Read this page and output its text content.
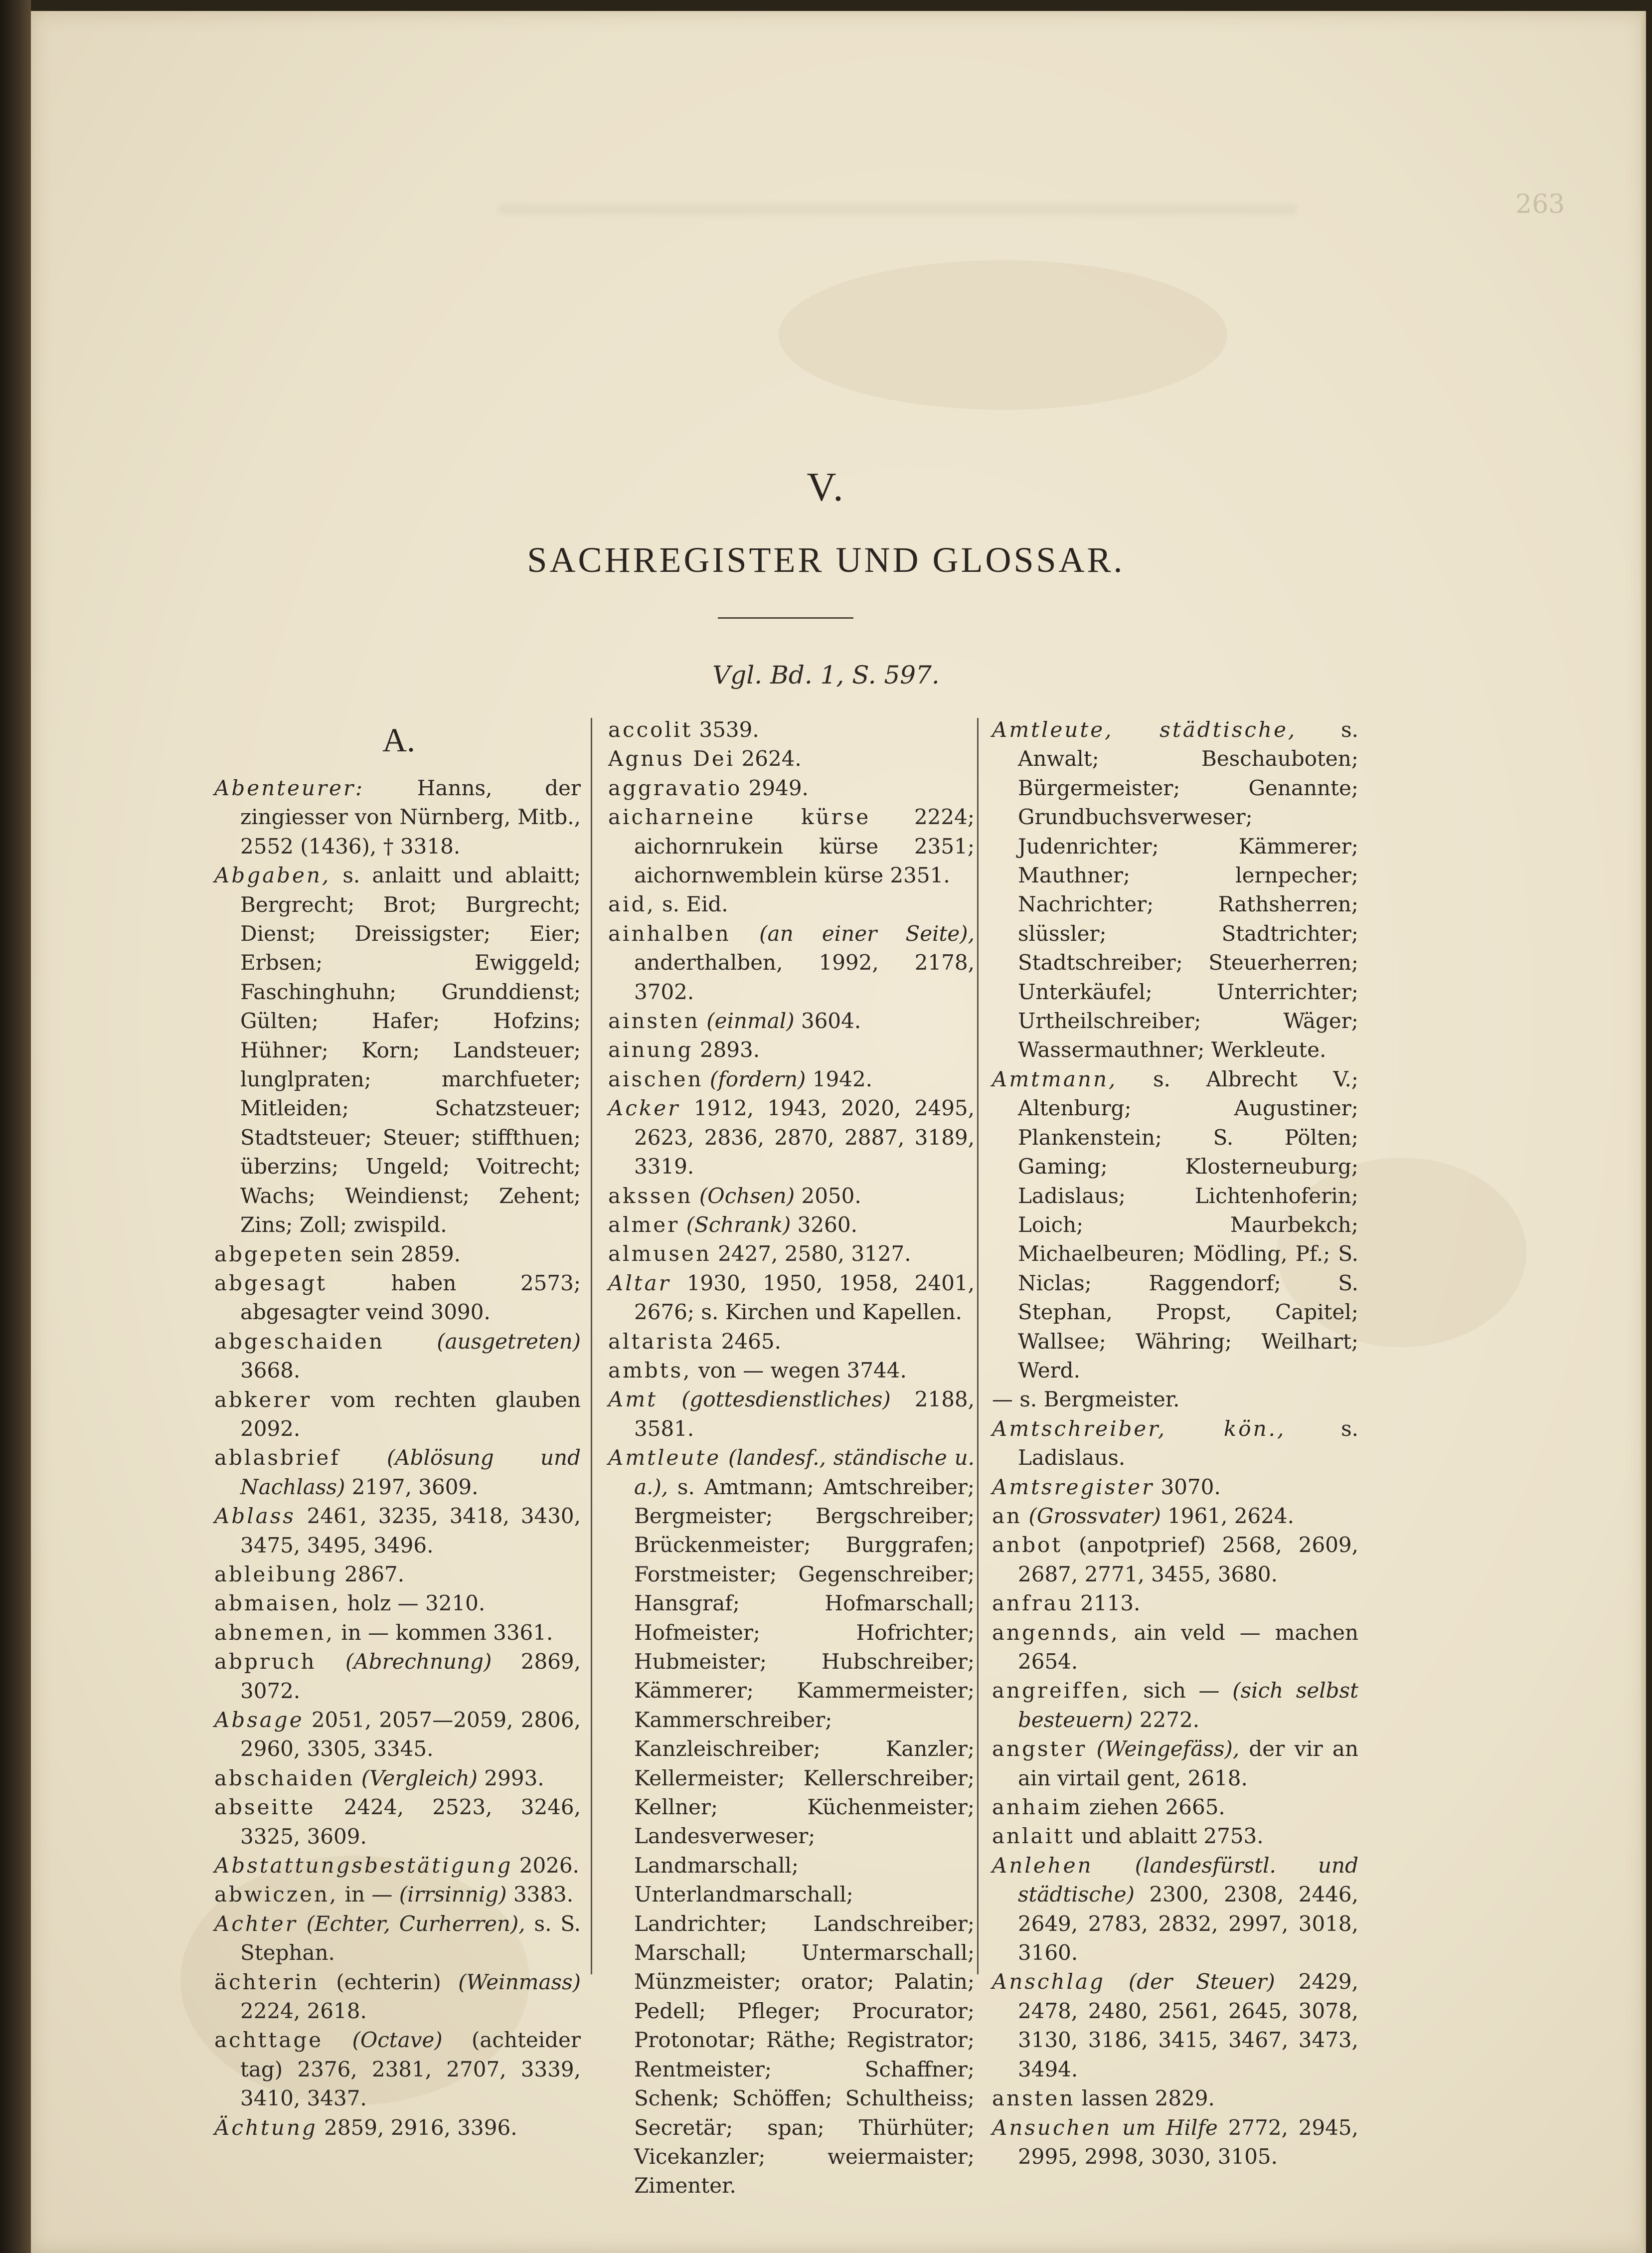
263
V.
SACHREGISTER UND GLOSSAR.
Vgl. Bd. 1, S. 597.
A.
Abenteurer: Hanns, der zingiesser von Nürnberg, Mitb., 2552 (1436), † 3318.
Abgaben, s. anlaitt und ablaitt; Bergrecht; Brot; Burgrecht; Dienst; Dreissigster; Eier; Erbsen; Ewiggeld; Faschinghuhn; Grunddienst; Gülten; Hafer; Hofzins; Hühner; Korn; Landsteuer; lunglpraten; marchfueter; Mitleiden; Schatzsteuer; Stadtsteuer; Steuer; stiffthuen; überzins; Ungeld; Voitrecht; Wachs; Weindienst; Zehent; Zins; Zoll; zwispild.
abgepeten sein 2859.
abgesagt haben 2573; abgesagter veind 3090.
abgeschaiden	(ausgetreten) 3668.
abkerer vom rechten glauben 2092.
ablasbrief (Ablösung und Nachlass) 2197, 3609.
Ablass 2461, 3235, 3418, 3430, 3475, 3495, 3496.
ableibung 2867.
abmaisen, holz — 3210.
abnemen, in — kommen 3361.
abpruch (Abrechnung) 2869, 3072.
Absage 2051, 2057—2059, 2806, 2960, 3305, 3345.
abschaiden (Vergleich) 2993.
abseitte 2424, 2523, 3246, 3325, 3609.
Abstattungsbestätigung 2026.
abwiczen, in — (irrsinnig) 3383.
Achter (Echter, Curherren), s. S. Stephan.
ächterin (echterin) (Weinmass) 2224, 2618.
achttage (Octave) (achteider tag) 2376, 2381, 2707, 3339, 3410, 3437.
Ächtung 2859, 2916, 3396.
accolit 3539.
Agnus Dei 2624.
aggravatio 2949.
aicharneine kürse 2224; aichornrukein kürse 2351; aichornwemblein kürse 2351.
aid, s. Eid.
ainhalben (an einer Seite), anderthalben, 1992, 2178, 3702.
ainsten (einmal) 3604.
ainung 2893.
aischen (fordern) 1942.
Acker 1912, 1943, 2020, 2495, 2623, 2836, 2870, 2887, 3189, 3319.
akssen (Ochsen) 2050.
almer (Schrank) 3260.
almusen 2427, 2580, 3127.
Altar 1930, 1950, 1958, 2401, 2676; s. Kirchen und Kapellen.
altarista 2465.
ambts, von — wegen 3744.
Amt (gottesdienstliches) 2188, 3581.
Amtleute (landesf., ständische u. a.), s. Amtmann; Amtschreiber; Bergmeister; Bergschreiber; Brückenmeister; Burggrafen; Forstmeister; Gegenschreiber; Hansgraf; Hofmarschall; Hofmeister; Hofrichter; Hubmeister; Hubschreiber; Kämmerer; Kammermeister; Kammerschreiber; Kanzleischreiber; Kanzler; Kellermeister; Kellerschreiber; Kellner; Küchenmeister; Landesverweser; Landmarschall; Unterlandmarschall; Landrichter; Landschreiber; Marschall; Untermarschall; Münzmeister; orator; Palatin; Pedell; Pfleger; Procurator; Protonotar; Räthe; Registrator; Rentmeister; Schaffner; Schenk; Schöffen; Schultheiss; Secretär; span; Thürhüter; Vicekanzler; weiermaister; Zimenter.
Amtleute, städtische, s. Anwalt; Beschauboten; Bürgermeister; Genannte; Grundbuchsverweser; Judenrichter; Kämmerer; Mauthner; lernpecher; Nachrichter; Rathsherren; slüssler; Stadtrichter; Stadtschreiber; Steuerherren; Unterkäufel; Unterrichter; Urtheilschreiber; Wäger; Wassermauthner; Werkleute.
Amtmann, s. Albrecht V.; Altenburg; Augustiner; Plankenstein; S. Pölten; Gaming; Klosterneuburg; Ladislaus; Lichtenhoferin; Loich; Maurbekch; Michaelbeuren; Mödling, Pf.; S. Niclas; Raggendorf; S. Stephan, Propst, Capitel; Wallsee; Währing; Weilhart; Werd.
— s. Bergmeister.
Amtschreiber, kön., s. Ladislaus.
Amtsregister 3070.
an (Grossvater) 1961, 2624.
anbot (anpotprief) 2568, 2609, 2687, 2771, 3455, 3680.
anfrau 2113.
angennds, ain veld — machen 2654.
angreiffen, sich — (sich selbst besteuern) 2272.
angster (Weingefäss), der vir an ain virtail gent, 2618.
anhaim ziehen 2665.
anlaitt und ablaitt 2753.
Anlehen (landesfürstl. und städtische) 2300, 2308, 2446, 2649, 2783, 2832, 2997, 3018, 3160.
Anschlag (der Steuer) 2429, 2478, 2480, 2561, 2645, 3078, 3130, 3186, 3415, 3467, 3473, 3494.
ansten lassen 2829.
Ansuchen um Hilfe 2772, 2945, 2995, 2998, 3030, 3105.
